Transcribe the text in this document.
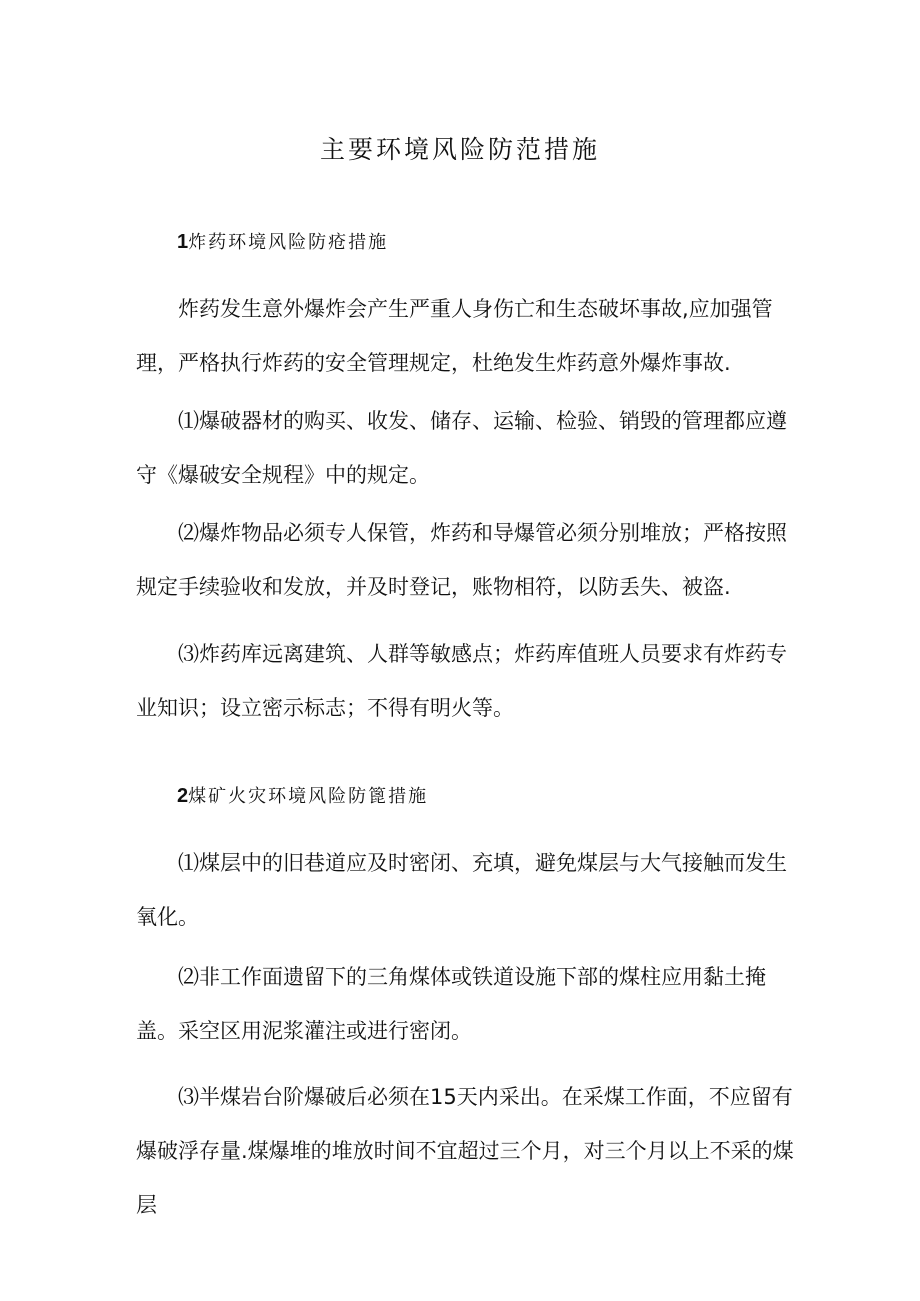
主要环境风险防范措施
1炸药环境风险防疮措施

炸药发生意外爆炸会产生严重人身伤亡和生态破坏事故,应加强管理，严格执行炸药的安全管理规定，杜绝发生炸药意外爆炸事故.

⑴爆破器材的购买、收发、储存、运输、检验、销毁的管理都应遵守《爆破安全规程》中的规定。

⑵爆炸物品必须专人保管，炸药和导爆管必须分别堆放；严格按照规定手续验收和发放，并及时登记，账物相符，以防丢失、被盗.

⑶炸药库远离建筑、人群等敏感点；炸药库值班人员要求有炸药专业知识；设立密示标志；不得有明火等。

2煤矿火灾环境风险防篦措施

⑴煤层中的旧巷道应及时密闭、充填，避免煤层与大气接触而发生氧化。

⑵非工作面遗留下的三角煤体或铁道设施下部的煤柱应用黏土掩盖。采空区用泥浆灌注或进行密闭。

⑶半煤岩台阶爆破后必须在15天内采出。在采煤工作面，不应留有爆破浮存量.煤爆堆的堆放时间不宜超过三个月，对三个月以上不采的煤层
